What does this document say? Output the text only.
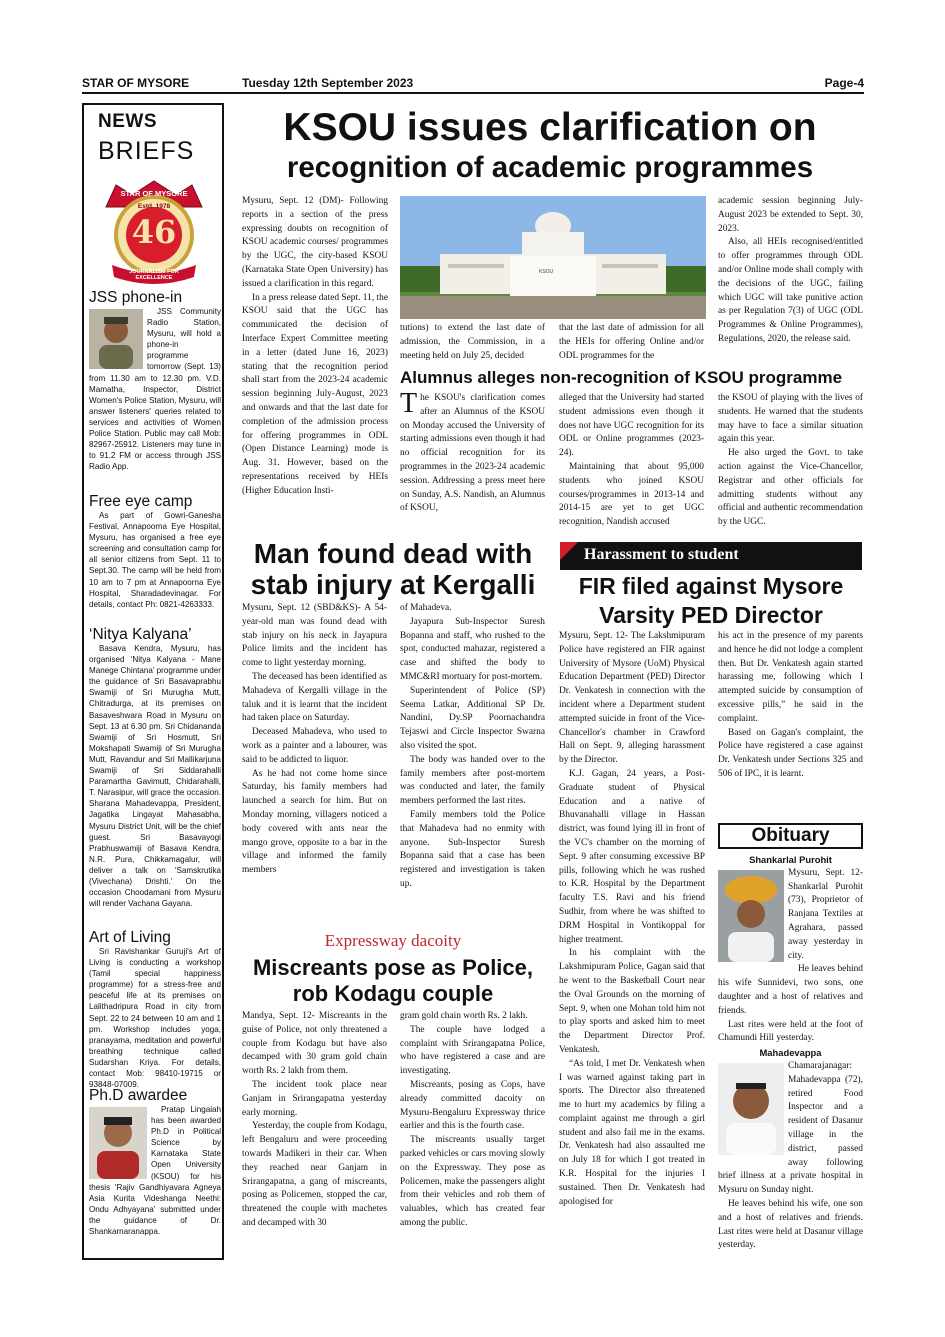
STAR OF MYSORE	Tuesday 12th September 2023	Page-4
NEWS
BRIEFS
STAR OF MYSORE
Estd. 1978
46
JOURNALISM FOR EXCELLENCE
JSS phone-in

JSS Community Radio Station, Mysuru, will hold a phone-in programme tomorrow (Sept. 13) from 11.30 am to 12.30 pm. V.D. Mamatha, Inspector, District Women's Police Station, Mysuru, will answer listeners' queries related to services and activities of Women Police Station. Public may call Mob: 82967-25912. Listeners may tune in to 91.2 FM or access through JSS Radio App.

Free eye camp

As part of Gowri-Ganesha Festival, Annapoorna Eye Hospital, Mysuru, has organised a free eye screening and consultation camp for all senior citizens from Sept. 11 to Sept.30. The camp will be held from 10 am to 7 pm at Annapoorna Eye Hospital, Sharadadevinagar. For details, contact Ph: 0821-4263333.

‘Nitya Kalyana’

Basava Kendra, Mysuru, has organised ‘Nitya Kalyana - Mane Manege Chintana’ programme under the guidance of Sri Basavaprabhu Swamiji of Sri Murugha Mutt, Chitradurga, at its premises on Basaveshwara Road in Mysuru on Sept. 13 at 6.30 pm. Sri Chidananda Swamiji of Sri Hosmutt, Sri Mokshapati Swamiji of Sri Murugha Mutt, Ravandur and Sri Mallikarjuna Swamiji of Sri Siddarahalli Paramartha Gavimutt, Chidarahalli, T. Narasipur, will grace the occasion. Sharana Mahadevappa, President, Jagatika Lingayat Mahasabha, Mysuru District Unit, will be the chief guest. Sri Basavayogi Prabhuswamiji of Basava Kendra, N.R. Pura, Chikkamagalur, will deliver a talk on ‘Samskrutika (Vivechana) Drishti.’ On the occasion Choodamani from Mysuru will render Vachana Gayana.

Art of Living

Sri Ravishankar Guruji's Art of Living is conducting a workshop (Tamil special happiness programme) for a stress-free and peaceful life at its premises on Lalithadripura Road in city from Sept. 22 to 24 between 10 am and 1 pm. Workshop includes yoga, pranayama, meditation and powerful breathing technique called Sudarshan Kriya. For details, contact Mob: 98410-19715 or 93848-07009.

Ph.D awardee

Pratap Lingaiah has been awarded Ph.D in Political Science by Karnataka State Open University (KSOU) for his thesis ‘Rajiv Gandhiyavara Agneya Asia Kurita Videshanga Neethi: Ondu Adhyayana’ submitted under the guidance of Dr. Shankarnaranappa.

KSOU issues clarification on
recognition of academic programmes

Mysuru, Sept. 12 (DM)- Following reports in a section of the press expressing doubts on recognition of KSOU academic courses/ programmes by the UGC, the city-based KSOU (Karnataka State Open University) has issued a clarification in this regard.

In a press release dated Sept. 11, the KSOU said that the UGC has communicated the decision of Interface Expert Committee meeting in a letter (dated June 16, 2023) stating that the recognition period shall start from the 2023-24 academic session beginning July-August, 2023 and onwards and that the last date for completion of the admission process for offering programmes in ODL (Open Distance Learning) mode is Aug. 31. However, based on the representations received by HEIs (Higher Education Insti-

KSOU

tutions) to extend the last date of admission, the Commission, in a meeting held on July 25, decided

that the last date of admission for all the HEIs for offering Online and/or ODL programmes for the

academic session beginning July-August 2023 be extended to Sept. 30, 2023.

Also, all HEIs recognised/entitled to offer programmes through ODL and/or Online mode shall comply with the decisions of the UGC, failing which UGC will take punitive action as per Regulation 7(3) of UGC (ODL Programmes & Online Programmes), Regulations, 2020, the release said.

Alumnus alleges non-recognition of KSOU programme
The KSOU's clarification comes after an Alumnus of the KSOU on Monday accused the University of starting admissions even though it had no official recognition for its programmes in the 2023-24 academic session. Addressing a press meet here on Sunday, A.S. Nandish, an Alumnus of KSOU,

alleged that the University had started student admissions even though it does not have UGC recognition for its ODL or Online programmes (2023-24).

Maintaining that about 95,000 students who joined KSOU courses/programmes in 2013-14 and 2014-15 are yet to get UGC recognition, Nandish accused

the KSOU of playing with the lives of students. He warned that the students may have to face a similar situation again this year.

He also urged the Govt. to take action against the Vice-Chancellor, Registrar and other officials for admitting students without any official and authentic recommendation by the UGC.

Man found dead with
stab injury at Kergalli

Mysuru, Sept. 12 (SBD&KS)- A 54-year-old man was found dead with stab injury on his neck in Jayapura Police limits and the incident has come to light yesterday morning.

The deceased has been identified as Mahadeva of Kergalli village in the taluk and it is learnt that the incident had taken place on Saturday.

Deceased Mahadeva, who used to work as a painter and a labourer, was said to be addicted to liquor.

As he had not come home since Saturday, his family members had launched a search for him. But on Monday morning, villagers noticed a body covered with ants near the mango grove, opposite to a bar in the village and informed the family members

of Mahadeva.

Jayapura Sub-Inspector Suresh Bopanna and staff, who rushed to the spot, conducted mahazar, registered a case and shifted the body to MMC&RI mortuary for post-mortem.

Superintendent of Police (SP) Seema Latkar, Additional SP Dr. Nandini, Dy.SP Poornachandra Tejaswi and Circle Inspector Swarna also visited the spot.

The body was handed over to the family members after post-mortem was conducted and later, the family members performed the last rites.

Family members told the Police that Mahadeva had no enmity with anyone. Sub-Inspector Suresh Bopanna said that a case has been registered and investigation is taken up.

Expressway dacoity
Miscreants pose as Police,
rob Kodagu couple

Mandya, Sept. 12- Miscreants in the guise of Police, not only threatened a couple from Kodagu but have also decamped with 30 gram gold chain worth Rs. 2 lakh from them.

The incident took place near Ganjam in Srirangapatna yesterday early morning.

Yesterday, the couple from Kodagu, left Bengaluru and were proceeding towards Madikeri in their car. When they reached near Ganjam in Srirangapatna, a gang of miscreants, posing as Policemen, stopped the car, threatened the couple with machetes and decamped with 30

gram gold chain worth Rs. 2 lakh.

The couple have lodged a complaint with Srirangapatna Police, who have registered a case and are investigating.

Miscreants, posing as Cops, have already committed dacoity on Mysuru-Bengaluru Expressway thrice earlier and this is the fourth case.

The miscreants usually target parked vehicles or cars moving slowly on the Expressway. They pose as Policemen, make the passengers alight from their vehicles and rob them of valuables, which has created fear among the public.

Harassment to student
FIR filed against Mysore
Varsity PED Director

Mysuru, Sept. 12- The Lakshmipuram Police have registered an FIR against University of Mysore (UoM) Physical Education Department (PED) Director Dr. Venkatesh in connection with the incident where a Department student attempted suicide in front of the Vice-Chancellor's chamber in Crawford Hall on Sept. 9, alleging harassment by the Director.

K.J. Gagan, 24 years, a Post-Graduate student of Physical Education and a native of Bhuvanahalli village in Hassan district, was found lying ill in front of the VC's chamber on the morning of Sept. 9 after consuming excessive BP pills, following which he was rushed to K.R. Hospital by the Department faculty T.S. Ravi and his friend Sudhir, from where he was shifted to DRM Hospital in Vontikoppal for higher treatment.

In his complaint with the Lakshmipuram Police, Gagan said that he went to the Basketball Court near the Oval Grounds on the morning of Sept. 9, when one Mohan told him not to play sports and asked him to meet the Department Director Prof. Venkatesh.

“As told, I met Dr. Venkatesh when I was warned against taking part in sports. The Director also threatened me to hurt my academics by filing a complaint against me through a girl student and also fail me in the exams. Dr. Venkatesh had also assaulted me on July 18 for which I got treated in K.R. Hospital for the injuries I sustained. Then Dr. Venkatesh had apologised for

his act in the presence of my parents and hence he did not lodge a complent then. But Dr. Venkatesh again started harassing me, following which I attempted suicide by consumption of excessive pills,” he said in the complaint.

Based on Gagan's complaint, the Police have registered a case against Dr. Venkatesh under Sections 325 and 506 of IPC, it is learnt.

Obituary
Shankarlal Purohit

Mysuru, Sept. 12- Shankarlal Purohit (73), Proprietor of Ranjana Textiles at Agrahara, passed away yesterday in city.

He leaves behind his wife Sunnidevi, two sons, one daughter and a host of relatives and friends.

Last rites were held at the foot of Chamundi Hill yesterday.

Mahadevappa

Chamarajanagar: Mahadevappa (72), retired Food Inspector and a resident of Dasanur village in the district, passed away following brief illness at a private hospital in Mysuru on Sunday night.

He leaves behind his wife, one son and a host of relatives and friends. Last rites were held at Dasanur village yesterday.
